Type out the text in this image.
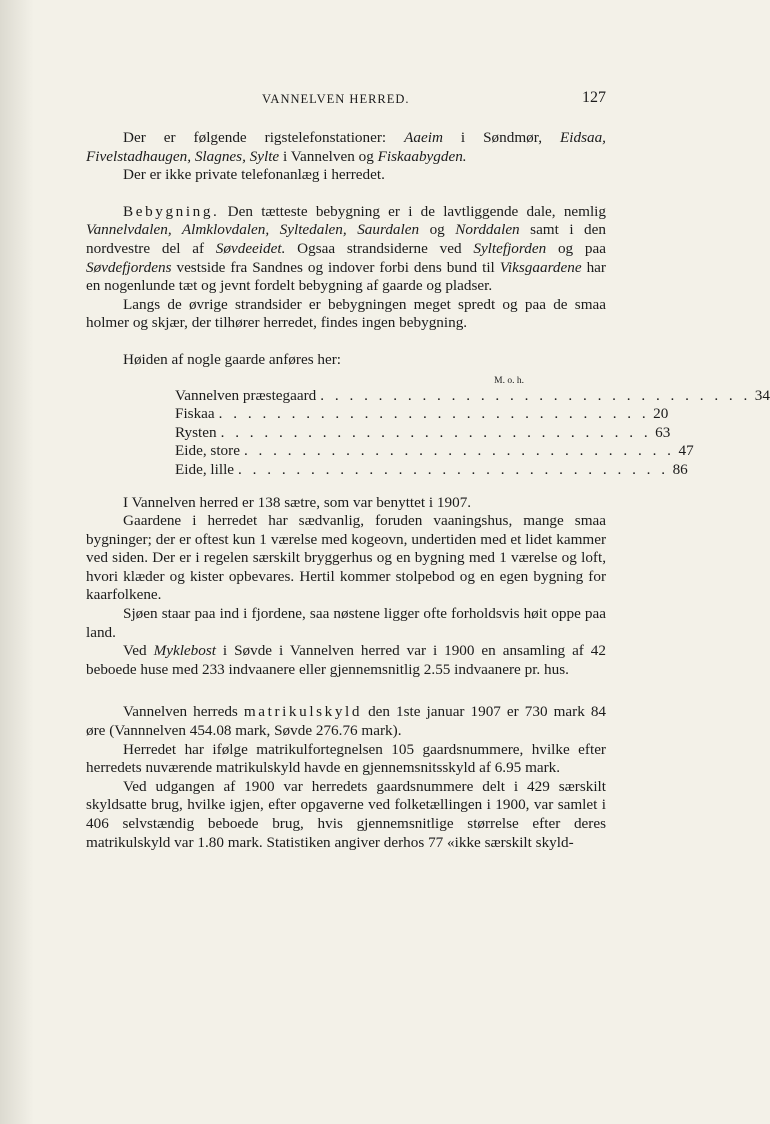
VANNELVEN HERRED.	127

Der er følgende rigstelefonstationer: Aaeim i Søndmør, Eidsaa, Fivelstadhaugen, Slagnes, Sylte i Vannelven og Fiskaabygden.

Der er ikke private telefonanlæg i herredet.

Bebygning. Den tætteste bebygning er i de lavtliggende dale, nemlig Vannelvdalen, Almklovdalen, Syltedalen, Saurdalen og Norddalen samt i den nordvestre del af Søvdeeidet. Ogsaa strandsiderne ved Syltefjorden og paa Søvdefjordens vestside fra Sandnes og indover forbi dens bund til Viksgaardene har en nogenlunde tæt og jevnt fordelt bebygning af gaarde og pladser.

Langs de øvrige strandsider er bebygningen meget spredt og paa de smaa holmer og skjær, der tilhører herredet, findes ingen bebygning.

Høiden af nogle gaarde anføres her:

M. o. h.
Vannelven præstegaard . . . . . . . . . . . . . . . . . . . . . . . . . . . . . . 34
Fiskaa . . . . . . . . . . . . . . . . . . . . . . . . . . . . . . 20
Rysten . . . . . . . . . . . . . . . . . . . . . . . . . . . . . . 63
Eide, store . . . . . . . . . . . . . . . . . . . . . . . . . . . . . . 47
Eide, lille . . . . . . . . . . . . . . . . . . . . . . . . . . . . . . 86

I Vannelven herred er 138 sætre, som var benyttet i 1907.

Gaardene i herredet har sædvanlig, foruden vaaningshus, mange smaa bygninger; der er oftest kun 1 værelse med kogeovn, undertiden med et lidet kammer ved siden. Der er i regelen særskilt bryggerhus og en bygning med 1 værelse og loft, hvori klæder og kister opbevares. Hertil kommer stolpebod og en egen bygning for kaarfolkene.

Sjøen staar paa ind i fjordene, saa nøstene ligger ofte forholdsvis høit oppe paa land.

Ved Myklebost i Søvde i Vannelven herred var i 1900 en ansamling af 42 beboede huse med 233 indvaanere eller gjennemsnitlig 2.55 indvaanere pr. hus.

Vannelven herreds matrikulskyld den 1ste januar 1907 er 730 mark 84 øre (Vannnelven 454.08 mark, Søvde 276.76 mark).

Herredet har ifølge matrikulfortegnelsen 105 gaardsnummere, hvilke efter herredets nuværende matrikulskyld havde en gjennemsnitsskyld af 6.95 mark.

Ved udgangen af 1900 var herredets gaardsnummere delt i 429 særskilt skyldsatte brug, hvilke igjen, efter opgaverne ved folketællingen i 1900, var samlet i 406 selvstændig beboede brug, hvis gjennemsnitlige størrelse efter deres matrikulskyld var 1.80 mark. Statistiken angiver derhos 77 «ikke særskilt skyld-
